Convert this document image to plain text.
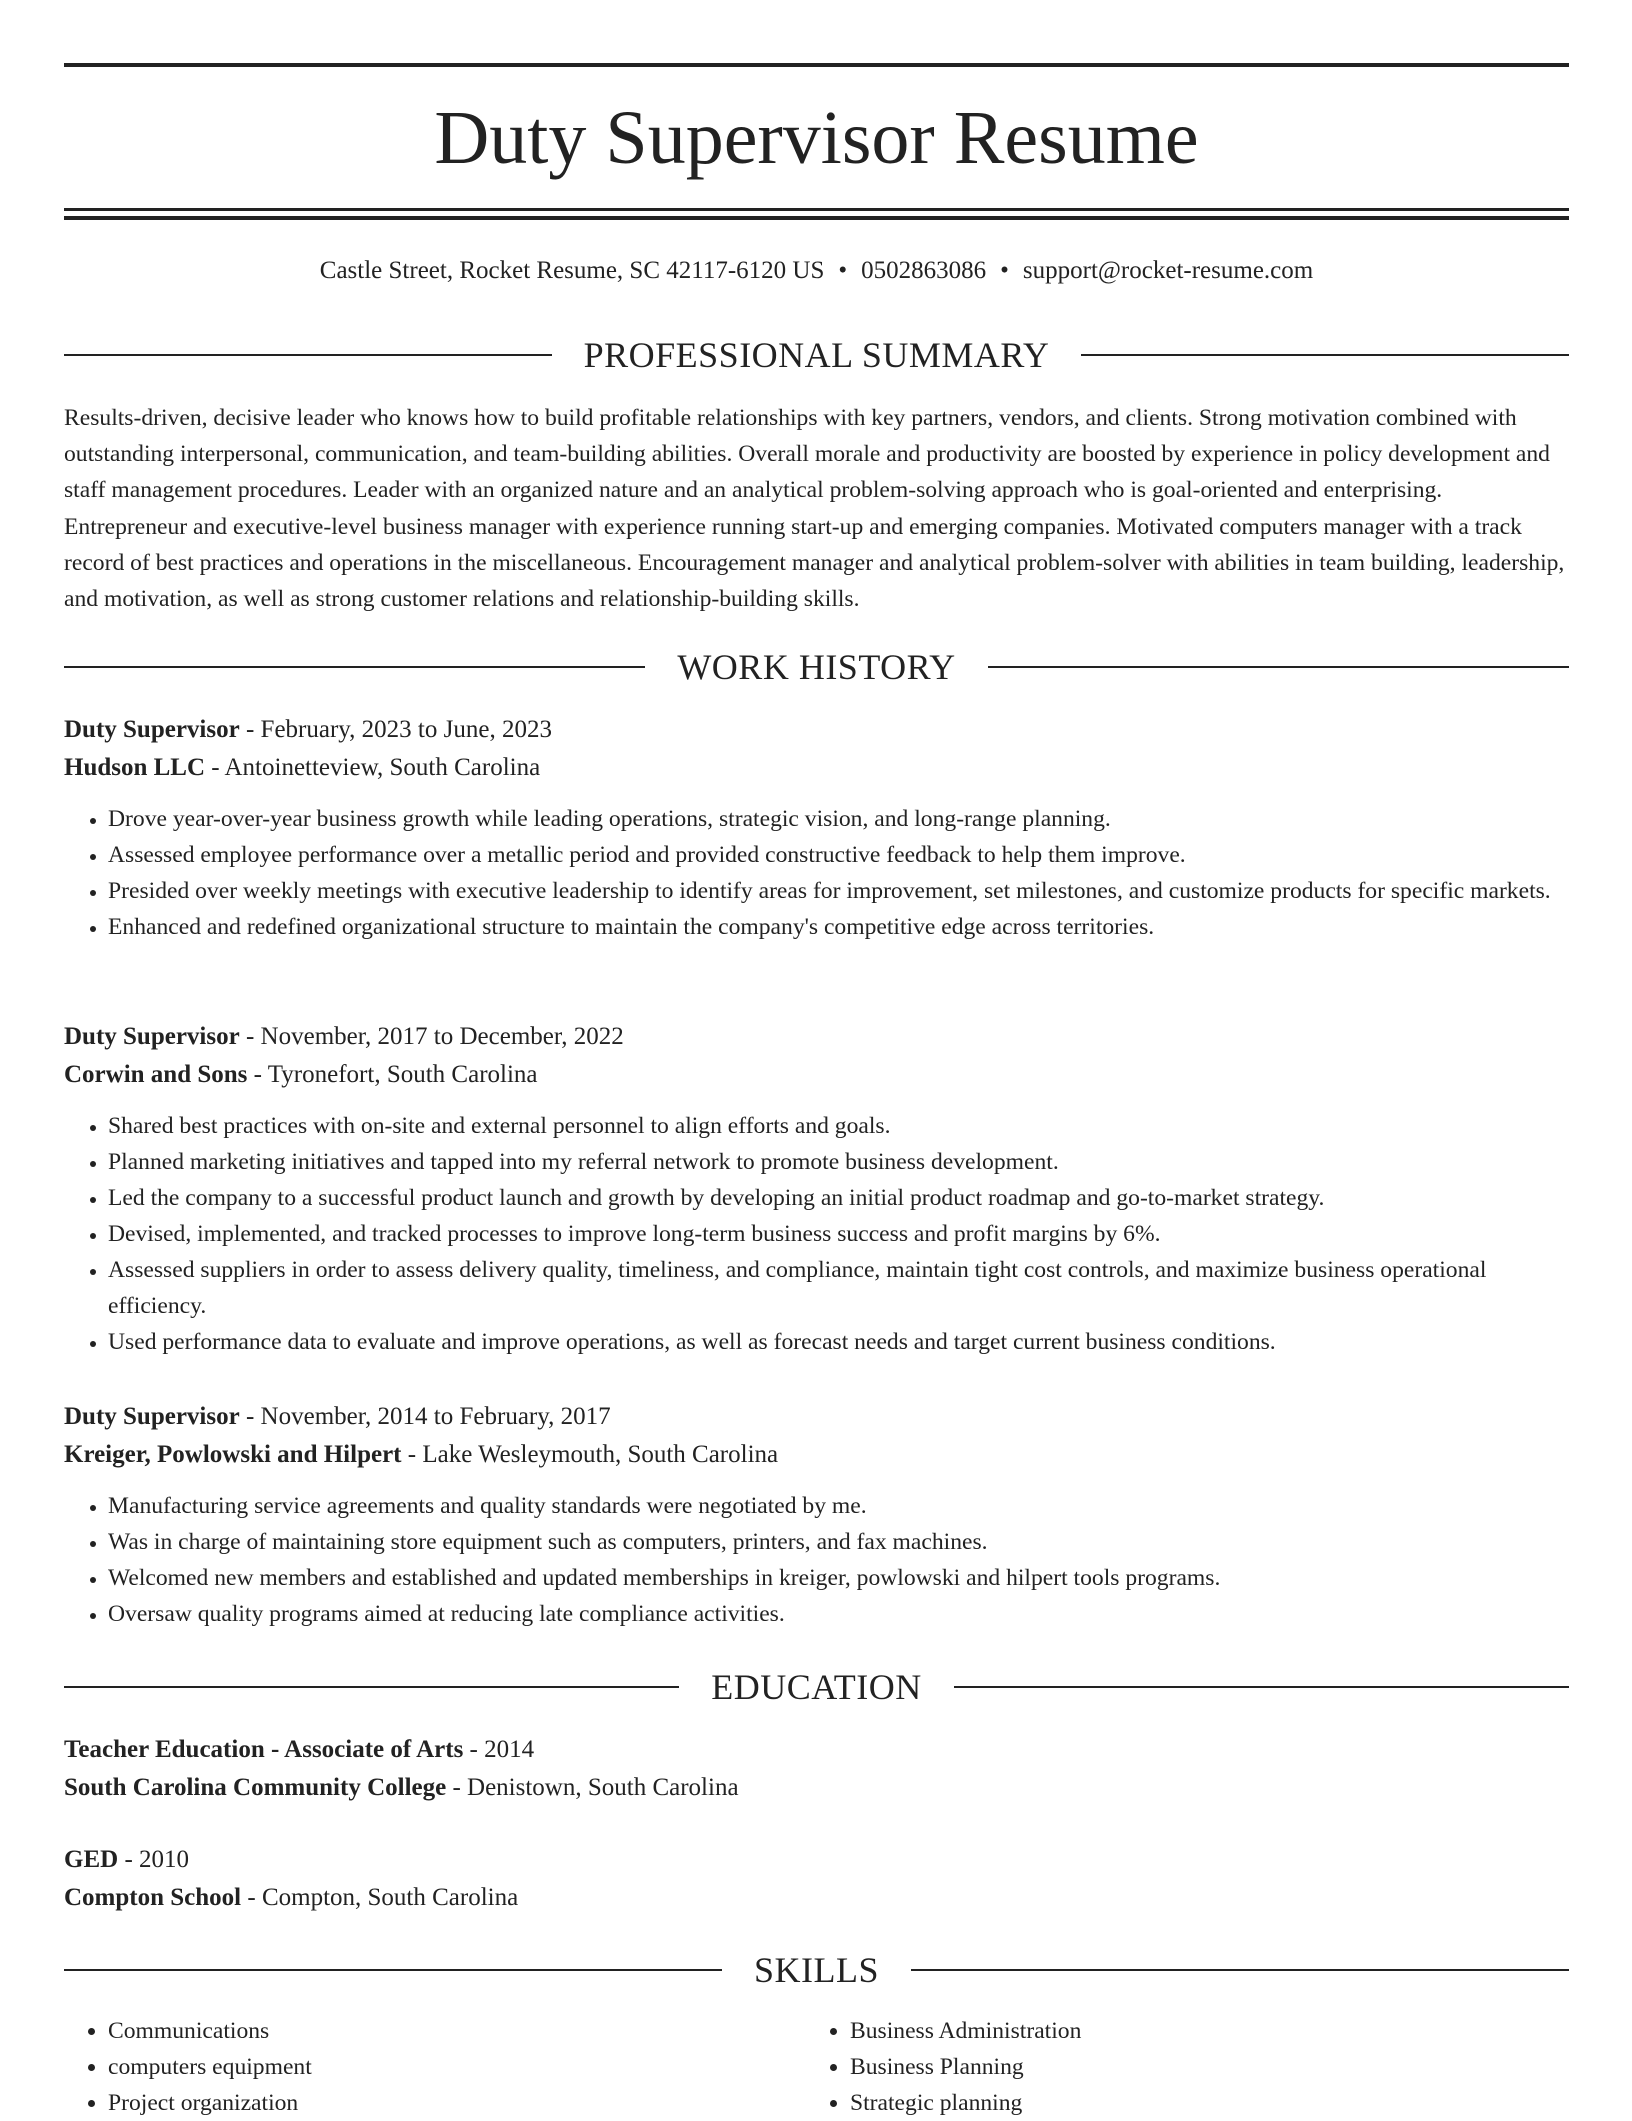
Duty Supervisor Resume
Castle Street, Rocket Resume, SC 42117-6120 US • 0502863086 • support@rocket-resume.com
PROFESSIONAL SUMMARY

Results-driven, decisive leader who knows how to build profitable relationships with key partners, vendors, and clients. Strong motivation combined with outstanding interpersonal, communication, and team-building abilities. Overall morale and productivity are boosted by experience in policy development and staff management procedures. Leader with an organized nature and an analytical problem-solving approach who is goal-oriented and enterprising. Entrepreneur and executive-level business manager with experience running start-up and emerging companies. Motivated computers manager with a track record of best practices and operations in the miscellaneous. Encouragement manager and analytical problem-solver with abilities in team building, leadership, and motivation, as well as strong customer relations and relationship-building skills.

WORK HISTORY
Duty Supervisor - February, 2023 to June, 2023
Hudson LLC - Antoinetteview, South Carolina
• Drove year-over-year business growth while leading operations, strategic vision, and long-range planning.
• Assessed employee performance over a metallic period and provided constructive feedback to help them improve.
• Presided over weekly meetings with executive leadership to identify areas for improvement, set milestones, and customize products for specific markets.
• Enhanced and redefined organizational structure to maintain the company's competitive edge across territories.
Duty Supervisor - November, 2017 to December, 2022
Corwin and Sons - Tyronefort, South Carolina
• Shared best practices with on-site and external personnel to align efforts and goals.
• Planned marketing initiatives and tapped into my referral network to promote business development.
• Led the company to a successful product launch and growth by developing an initial product roadmap and go-to-market strategy.
• Devised, implemented, and tracked processes to improve long-term business success and profit margins by 6%.
• Assessed suppliers in order to assess delivery quality, timeliness, and compliance, maintain tight cost controls, and maximize business operational efficiency.
• Used performance data to evaluate and improve operations, as well as forecast needs and target current business conditions.
Duty Supervisor - November, 2014 to February, 2017
Kreiger, Powlowski and Hilpert - Lake Wesleymouth, South Carolina
• Manufacturing service agreements and quality standards were negotiated by me.
• Was in charge of maintaining store equipment such as computers, printers, and fax machines.
• Welcomed new members and established and updated memberships in kreiger, powlowski and hilpert tools programs.
• Oversaw quality programs aimed at reducing late compliance activities.
EDUCATION
Teacher Education - Associate of Arts - 2014
South Carolina Community College - Denistown, South Carolina
GED - 2010
Compton School - Compton, South Carolina
SKILLS
• Communications
• computers equipment
• Project organization
• Business Administration
• Business Planning
• Strategic planning
